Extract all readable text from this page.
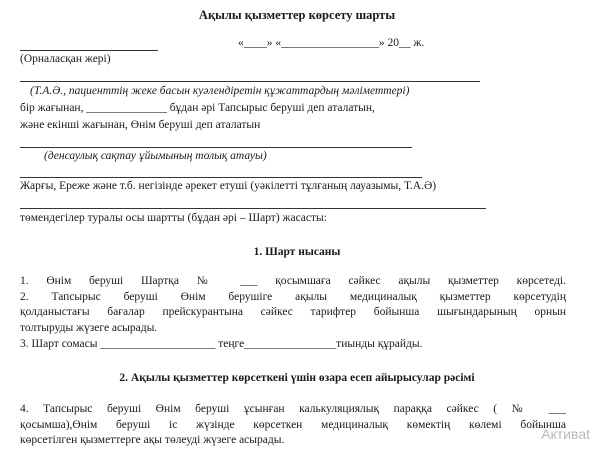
Ақылы қызметтер көрсету шарты
«____» «_________________» 20__ ж.
(Орналасқан жері)
(Т.А.Ә., пациенттің жеке басын куәлендіретін құжаттардың мәліметтері)
бір жағынан, ______________ бұдан әрі Тапсырыс беруші деп аталатын,
және екінші жағынан, Өнім беруші деп аталатын
(денсаулық сақтау ұйымының толық атауы)
Жарғы, Ереже және т.б. негізінде әрекет етуші (уәкілетті тұлғаның лауазымы, Т.А.Ә)
төмендегілер туралы осы шартты (бұдан әрі – Шарт) жасасты:
1. Шарт нысаны
1. Өнім беруші Шартқа № ___ қосымшаға сәйкес ақылы қызметтер көрсетеді.
2. Тапсырыс беруші Өнім берушіге ақылы медициналық қызметтер көрсетудің
қолданыстағы бағалар прейскурантына сәйкес тарифтер бойынша шығындарының орнын
толтыруды жүзеге асырады.
3. Шарт сомасы ____________________ теңге________________тиынды құрайды.
2. Ақылы қызметтер көрсеткені үшін өзара есеп айырысулар рәсімі
4. Тапсырыс беруші Өнім беруші ұсынған калькуляциялық параққа сәйкес ( № ___
қосымша),Өнім беруші іс жүзінде көрсеткен медициналық көмектің көлемі бойынша
көрсетілген қызметтерге ақы төлеуді жүзеге асырады.	Активаt
